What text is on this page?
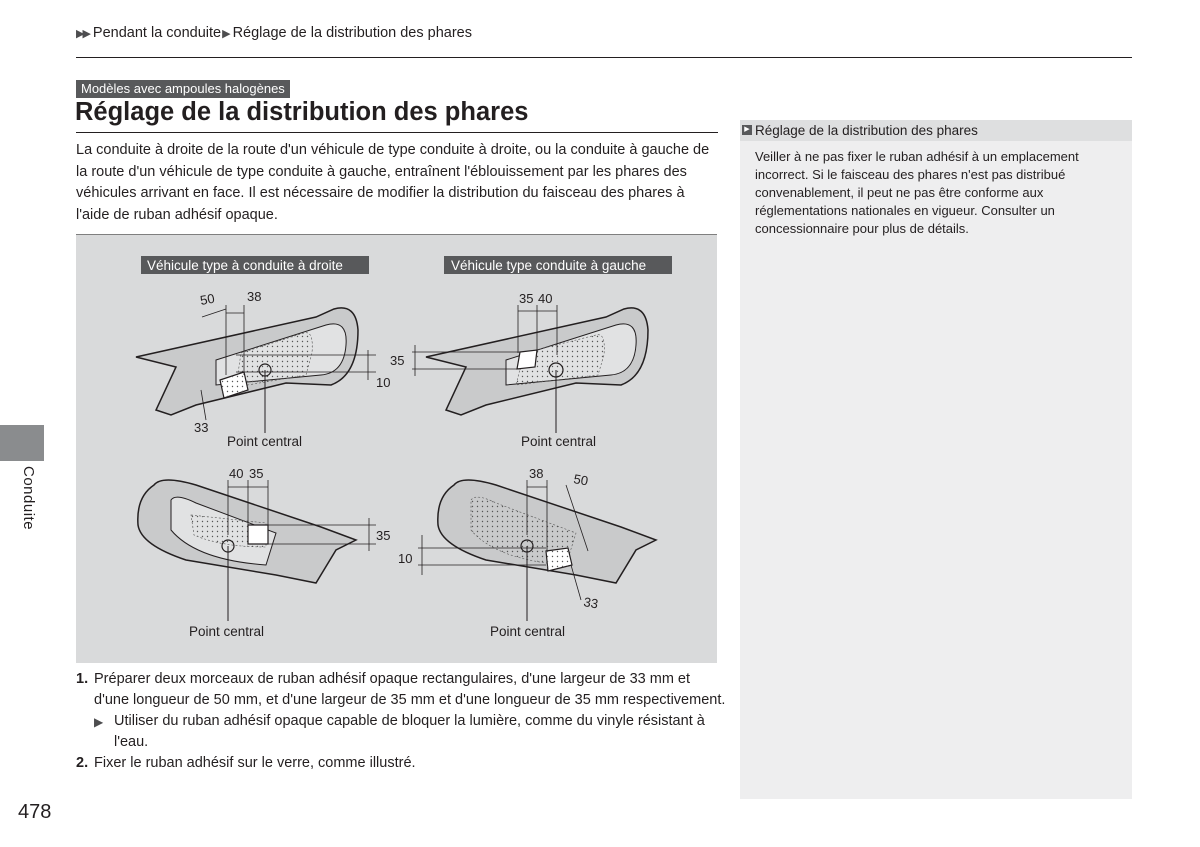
▶▶ Pendant la conduite▶ Réglage de la distribution des phares
Conduite
478
Modèles avec ampoules halogènes
Réglage de la distribution des phares

La conduite à droite de la route d'un véhicule de type conduite à droite, ou la conduite à gauche de la route d'un véhicule de type conduite à gauche, entraînent l'éblouissement par les phares des véhicules arrivant en face. Il est nécessaire de modifier la distribution du faisceau des phares à l'aide de ruban adhésif opaque.

Véhicule type à conduite à droite	Véhicule type conduite à gauche
50 38
10
33
Point central
35 40
35
Point central
40 35
35
Point central
38 50
10
33
Point central
1. Préparer deux morceaux de ruban adhésif opaque rectangulaires, d'une largeur de 33 mm et d'une longueur de 50 mm, et d'une largeur de 35 mm et d'une longueur de 35 mm respectivement.
▶ Utiliser du ruban adhésif opaque capable de bloquer la lumière, comme du vinyle résistant à l'eau.
2. Fixer le ruban adhésif sur le verre, comme illustré.
▶ Réglage de la distribution des phares

Veiller à ne pas fixer le ruban adhésif à un emplacement incorrect. Si le faisceau des phares n'est pas distribué convenablement, il peut ne pas être conforme aux réglementations nationales en vigueur. Consulter un concessionnaire pour plus de détails.
